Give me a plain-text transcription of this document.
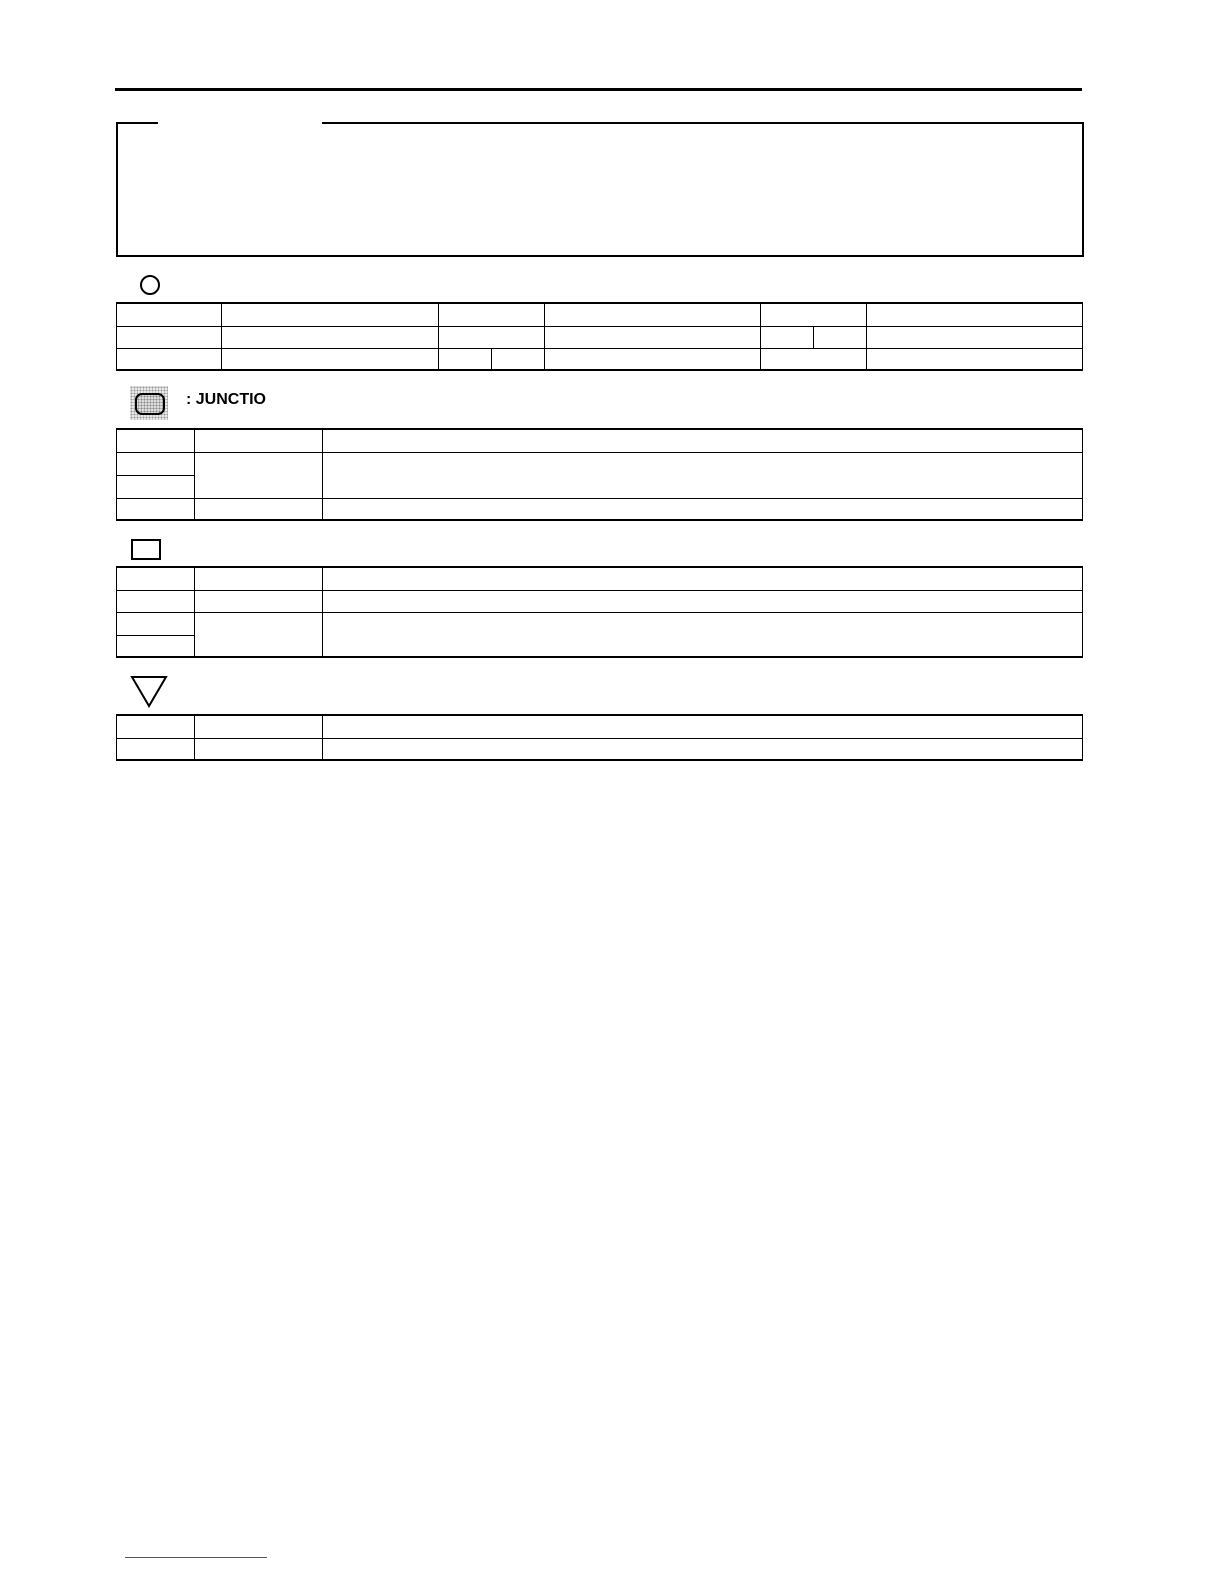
: JUNCTIO
